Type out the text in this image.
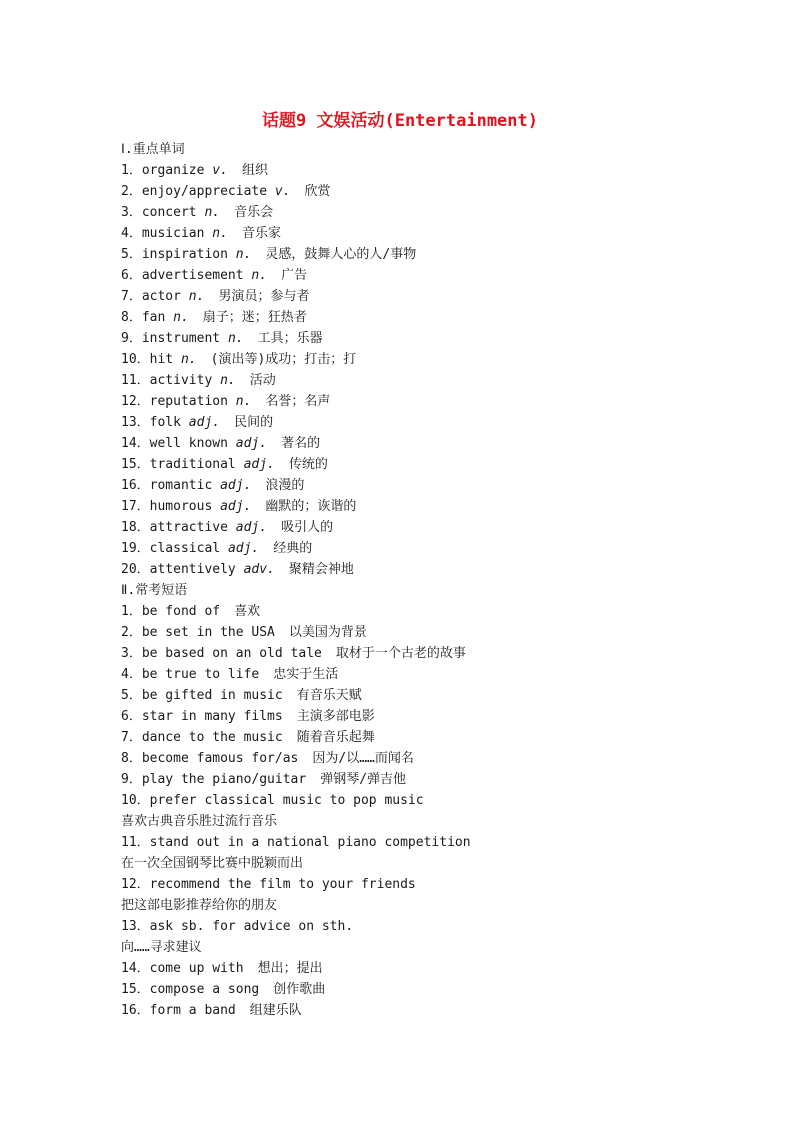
话题9 文娱活动(Entertainment)
Ⅰ.重点单词
1．organize v. 组织
2．enjoy/appreciate v. 欣赏
3．concert n. 音乐会
4．musician n. 音乐家
5．inspiration n. 灵感，鼓舞人心的人/事物
6．advertisement n. 广告
7．actor n. 男演员；参与者
8．fan n. 扇子；迷；狂热者
9．instrument n. 工具；乐器
10．hit n. (演出等)成功；打击；打
11．activity n. 活动
12．reputation n. 名誉；名声
13．folk adj. 民间的
14．well known adj. 著名的
15．traditional adj. 传统的
16．romantic adj. 浪漫的
17．humorous adj. 幽默的；诙谐的
18．attractive adj. 吸引人的
19．classical adj. 经典的
20．attentively adv. 聚精会神地
Ⅱ.常考短语
1．be fond of 喜欢
2．be set in the USA 以美国为背景
3．be based on an old tale 取材于一个古老的故事
4．be true to life 忠实于生活
5．be gifted in music 有音乐天赋
6．star in many films 主演多部电影
7．dance to the music 随着音乐起舞
8．become famous for/as 因为/以……而闻名
9．play the piano/guitar 弹钢琴/弹吉他
10．prefer classical music to pop music
喜欢古典音乐胜过流行音乐
11．stand out in a national piano competition
在一次全国钢琴比赛中脱颖而出
12．recommend the film to your friends
把这部电影推荐给你的朋友
13．ask sb. for advice on sth.
向……寻求建议
14．come up with 想出；提出
15．compose a song 创作歌曲
16．form a band 组建乐队
